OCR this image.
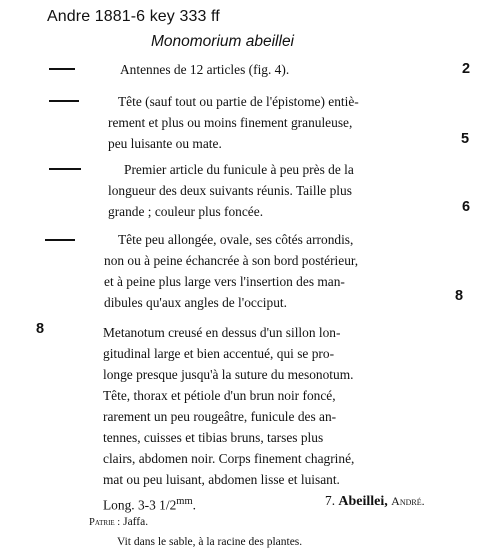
Andre 1881-6 key 333 ff
Monomorium abeillei
Antennes de 12 articles (fig. 4).	2
Tête (sauf tout ou partie de l'épistome) entiè-
rement et plus ou moins finement granuleuse,
peu luisante ou mate.	5
Premier article du funicule à peu près de la
longueur des deux suivants réunis. Taille plus
grande ; couleur plus foncée.	6
Tête peu allongée, ovale, ses côtés arrondis,
non ou à peine échancrée à son bord postérieur,
et à peine plus large vers l'insertion des man-
dibules qu'aux angles de l'occiput.	8
8	Metanotum creusé en dessus d'un sillon lon-
gitudinal large et bien accentué, qui se pro-
longe presque jusqu'à la suture du mesonotum.
Tête, thorax et pétiole d'un brun noir foncé,
rarement un peu rougeâtre, funicule des an-
tennes, cuisses et tibias bruns, tarses plus
clairs, abdomen noir. Corps finement chagriné,
mat ou peu luisant, abdomen lisse et luisant.
Long. 3-3 $1/2^{mm}$.	7. Abeillei, André.
Patrie : Jaffa.
Vit dans le sable, à la racine des plantes.
